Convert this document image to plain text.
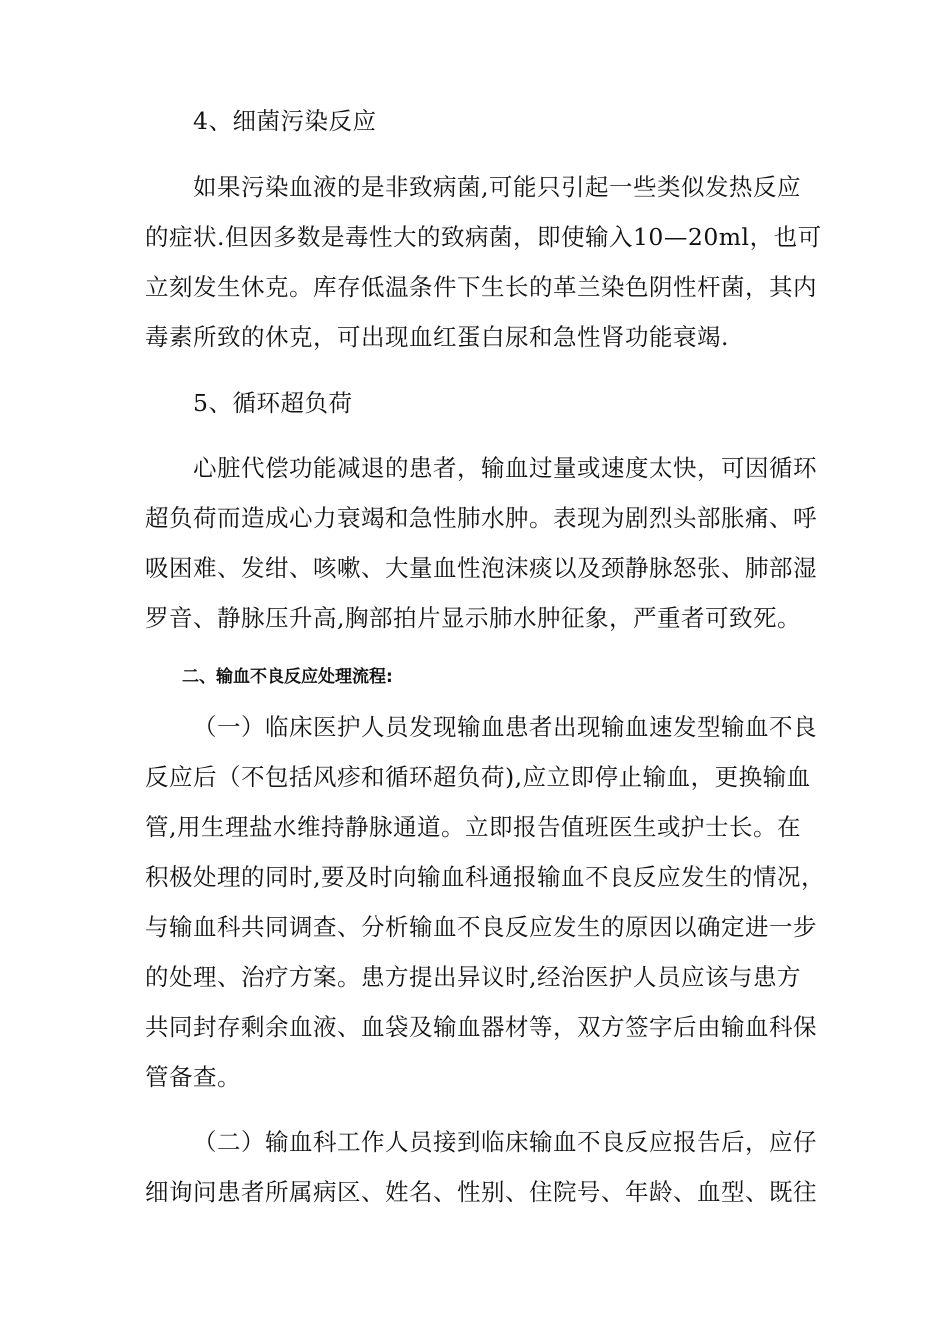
4、细菌污染反应
如果污染血液的是非致病菌,可能只引起一些类似发热反应
的症状.但因多数是毒性大的致病菌，即使输入10—20ml，也可
立刻发生休克。库存低温条件下生长的革兰染色阴性杆菌，其内
毒素所致的休克，可出现血红蛋白尿和急性肾功能衰竭.
5、循环超负荷
心脏代偿功能减退的患者，输血过量或速度太快，可因循环
超负荷而造成心力衰竭和急性肺水肿。表现为剧烈头部胀痛、呼
吸困难、发绀、咳嗽、大量血性泡沫痰以及颈静脉怒张、肺部湿
罗音、静脉压升高,胸部拍片显示肺水肿征象，严重者可致死。
二、输血不良反应处理流程:
（一）临床医护人员发现输血患者出现输血速发型输血不良
反应后（不包括风疹和循环超负荷),应立即停止输血，更换输血
管,用生理盐水维持静脉通道。立即报告值班医生或护士长。在
积极处理的同时,要及时向输血科通报输血不良反应发生的情况，
与输血科共同调查、分析输血不良反应发生的原因以确定进一步
的处理、治疗方案。患方提出异议时,经治医护人员应该与患方
共同封存剩余血液、血袋及输血器材等，双方签字后由输血科保
管备查。
（二）输血科工作人员接到临床输血不良反应报告后，应仔
细询问患者所属病区、姓名、性别、住院号、年龄、血型、既往
